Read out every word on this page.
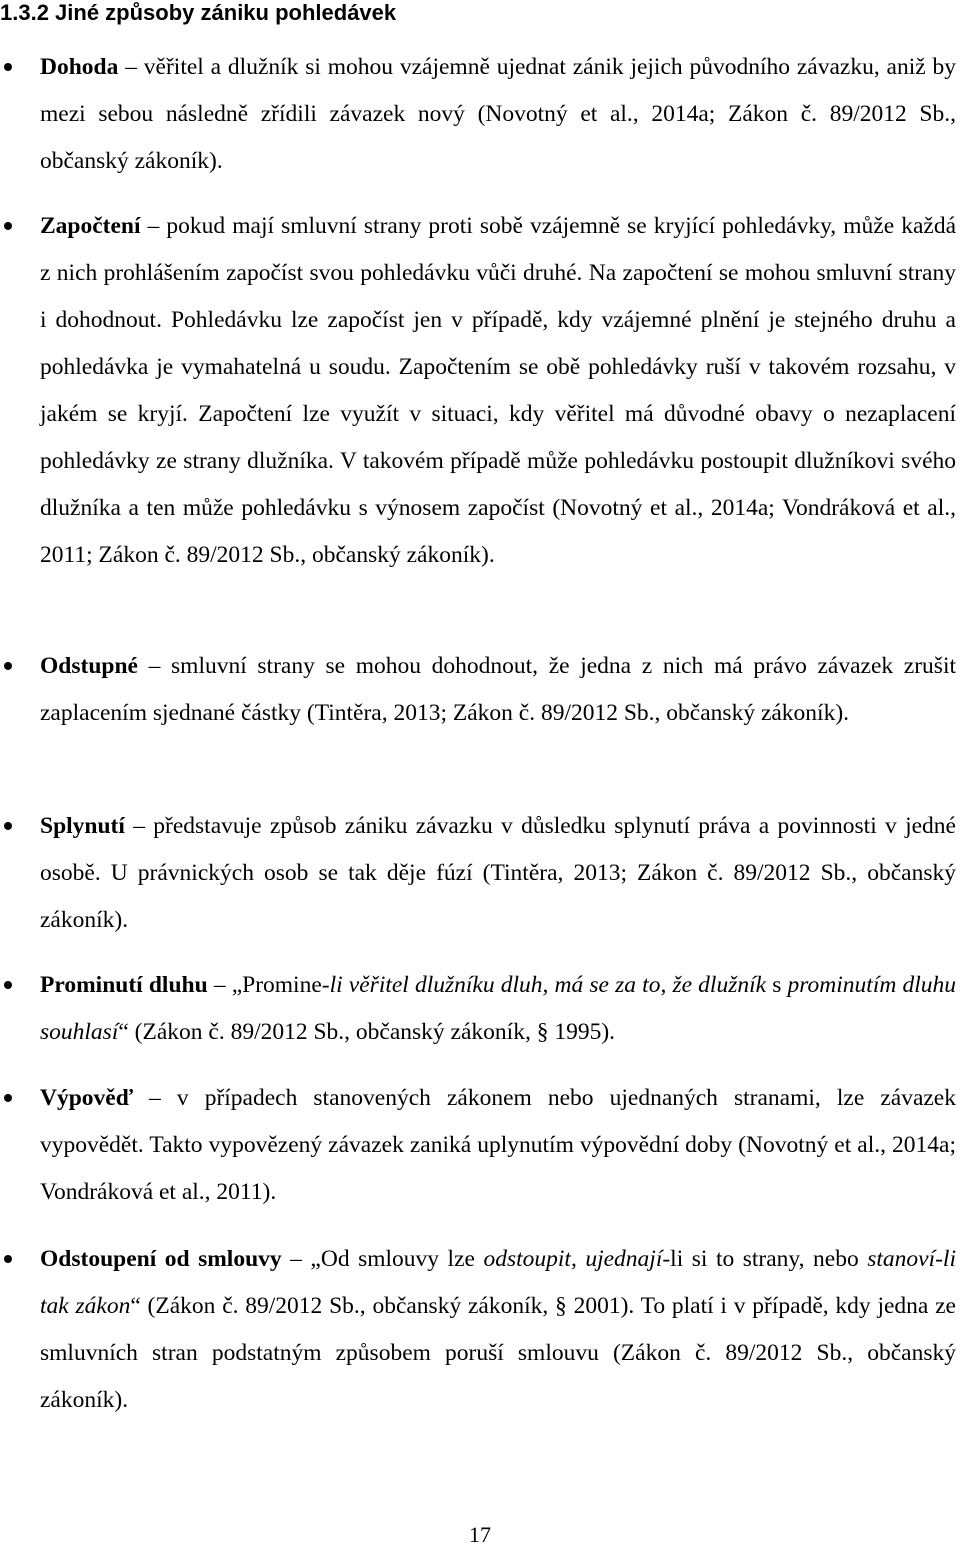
1.3.2 Jiné způsoby zániku pohledávek
Dohoda – věřitel a dlužník si mohou vzájemně ujednat zánik jejich původního závazku, aniž by mezi sebou následně zřídili závazek nový (Novotný et al., 2014a; Zákon č. 89/2012 Sb., občanský zákoník).
Započtení – pokud mají smluvní strany proti sobě vzájemně se kryjící pohledávky, může každá z nich prohlášením započíst svou pohledávku vůči druhé. Na započtení se mohou smluvní strany i dohodnout. Pohledávku lze započíst jen v případě, kdy vzájemné plnění je stejného druhu a pohledávka je vymahatelná u soudu. Započtením se obě pohledávky ruší v takovém rozsahu, v jakém se kryjí. Započtení lze využít v situaci, kdy věřitel má důvodné obavy o nezaplacení pohledávky ze strany dlužníka. V takovém případě může pohledávku postoupit dlužníkovi svého dlužníka a ten může pohledávku s výnosem započíst (Novotný et al., 2014a; Vondráková et al., 2011; Zákon č. 89/2012 Sb., občanský zákoník).
Odstupné – smluvní strany se mohou dohodnout, že jedna z nich má právo závazek zrušit zaplacením sjednané částky (Tintěra, 2013; Zákon č. 89/2012 Sb., občanský zákoník).
Splynutí – představuje způsob zániku závazku v důsledku splynutí práva a povinnosti v jedné osobě. U právnických osob se tak děje fúzí (Tintěra, 2013; Zákon č. 89/2012 Sb., občanský zákoník).
Prominutí dluhu – „Promine-li věřitel dlužníku dluh, má se za to, že dlužník s prominutím dluhu souhlasí“ (Zákon č. 89/2012 Sb., občanský zákoník, § 1995).
Výpověď – v případech stanovených zákonem nebo ujednaných stranami, lze závazek vypovědět. Takto vypovězený závazek zaniká uplynutím výpovědní doby (Novotný et al., 2014a; Vondráková et al., 2011).
Odstoupení od smlouvy – „Od smlouvy lze odstoupit, ujednají-li si to strany, nebo stanoví-li tak zákon“ (Zákon č. 89/2012 Sb., občanský zákoník, § 2001). To platí i v případě, kdy jedna ze smluvních stran podstatným způsobem poruší smlouvu (Zákon č. 89/2012 Sb., občanský zákoník).
17
